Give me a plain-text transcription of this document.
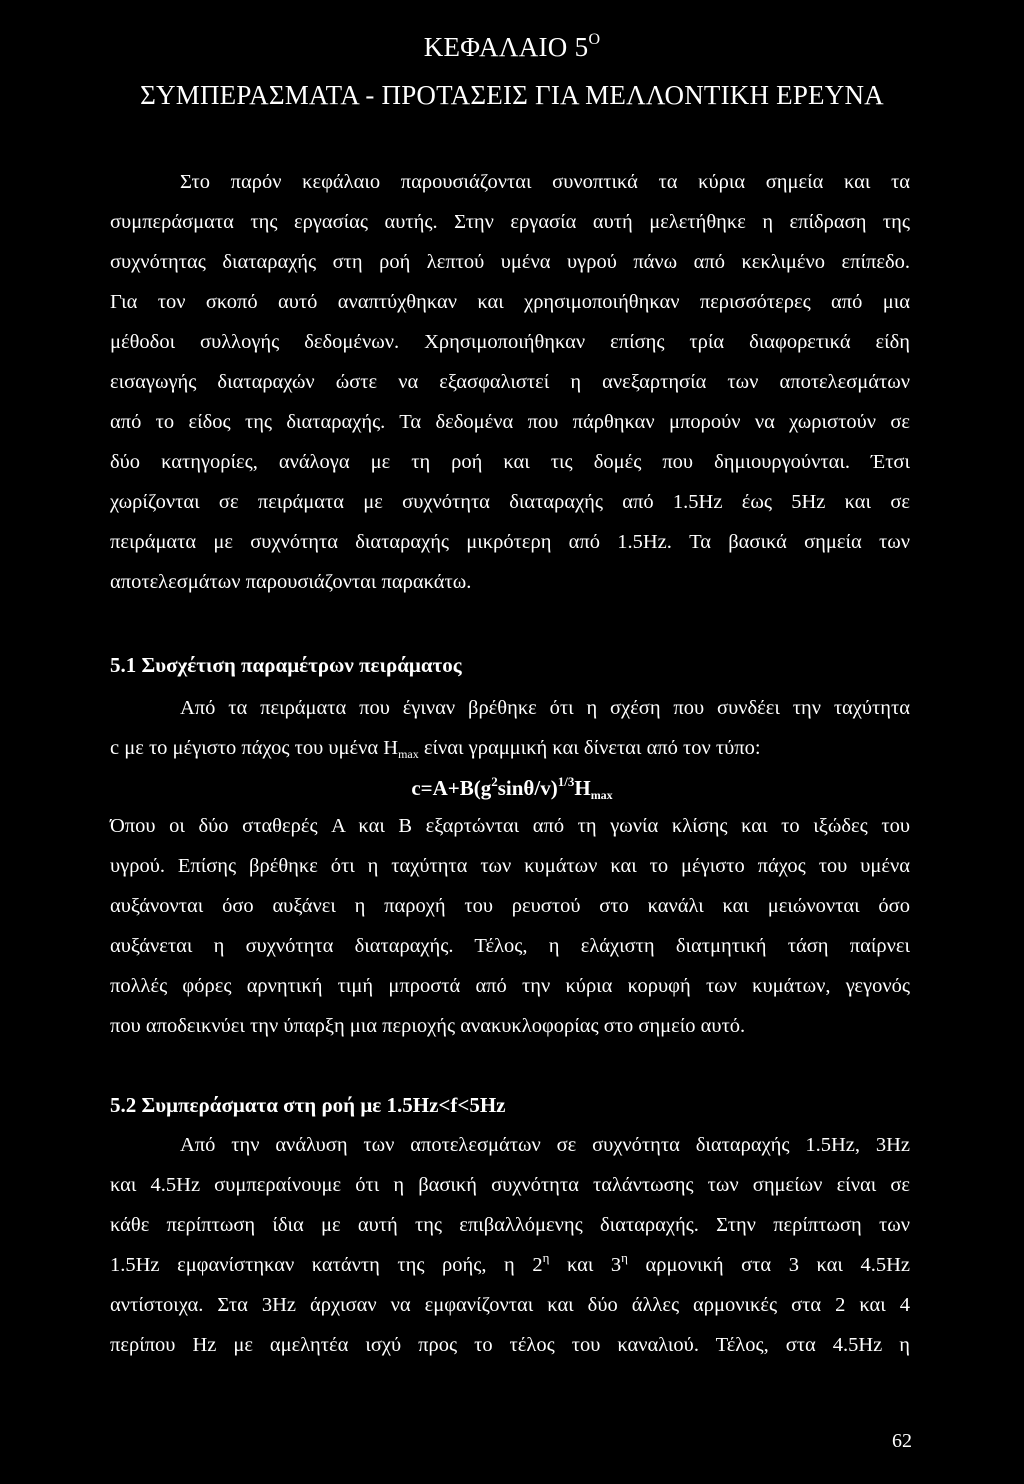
ΚΕΦΑΛΑΙΟ $5^O$
ΣΥΜΠΕΡΑΣΜΑΤΑ - ΠΡΟΤΑΣΕΙΣ ΓΙΑ ΜΕΛΛΟΝΤΙΚΗ ΕΡΕΥΝΑ
Στο παρόν κεφάλαιο παρουσιάζονται συνοπτικά τα κύρια σημεία και τα
συμπεράσματα της εργασίας αυτής. Στην εργασία αυτή μελετήθηκε η επίδραση της
συχνότητας διαταραχής στη ροή λεπτού υμένα υγρού πάνω από κεκλιμένο επίπεδο.
Για τον σκοπό αυτό αναπτύχθηκαν και χρησιμοποιήθηκαν περισσότερες από μια
μέθοδοι συλλογής δεδομένων. Χρησιμοποιήθηκαν επίσης τρία διαφορετικά είδη
εισαγωγής διαταραχών ώστε να εξασφαλιστεί η ανεξαρτησία των αποτελεσμάτων
από το είδος της διαταραχής. Τα δεδομένα που πάρθηκαν μπορούν να χωριστούν σε
δύο κατηγορίες, ανάλογα με τη ροή και τις δομές που δημιουργούνται. Έτσι
χωρίζονται σε πειράματα με συχνότητα διαταραχής από 1.5Hz έως 5Hz και σε
πειράματα με συχνότητα διαταραχής μικρότερη από 1.5Hz. Τα βασικά σημεία των
αποτελεσμάτων παρουσιάζονται παρακάτω.
5.1 Συσχέτιση παραμέτρων πειράματος
Από τα πειράματα που έγιναν βρέθηκε ότι η σχέση που συνδέει την ταχύτητα
c με το μέγιστο πάχος του υμένα $H_{max}$ είναι γραμμική και δίνεται από τον τύπο:
$c=A+B(g^2\sin\theta/v)^{1/3}H_{max}$
Όπου οι δύο σταθερές A και B εξαρτώνται από τη γωνία κλίσης και το ιξώδες του
υγρού. Επίσης βρέθηκε ότι η ταχύτητα των κυμάτων και το μέγιστο πάχος του υμένα
αυξάνονται όσο αυξάνει η παροχή του ρευστού στο κανάλι και μειώνονται όσο
αυξάνεται η συχνότητα διαταραχής. Τέλος, η ελάχιστη διατμητική τάση παίρνει
πολλές φόρες αρνητική τιμή μπροστά από την κύρια κορυφή των κυμάτων, γεγονός
που αποδεικνύει την ύπαρξη μια περιοχής ανακυκλοφορίας στο σημείο αυτό.
5.2 Συμπεράσματα στη ροή με 1.5Hz<f<5Hz
Από την ανάλυση των αποτελεσμάτων σε συχνότητα διαταραχής 1.5Hz, 3Hz
και 4.5Hz συμπεραίνουμε ότι η βασική συχνότητα ταλάντωσης των σημείων είναι σε
κάθε περίπτωση ίδια με αυτή της επιβαλλόμενης διαταραχής. Στην περίπτωση των
1.5Hz εμφανίστηκαν κατάντη της ροής, η $2^\eta$ και $3^\eta$ αρμονική στα 3 και 4.5Hz
αντίστοιχα. Στα 3Hz άρχισαν να εμφανίζονται και δύο άλλες αρμονικές στα 2 και 4
περίπου Hz με αμελητέα ισχύ προς το τέλος του καναλιού. Τέλος, στα 4.5Hz η
62
